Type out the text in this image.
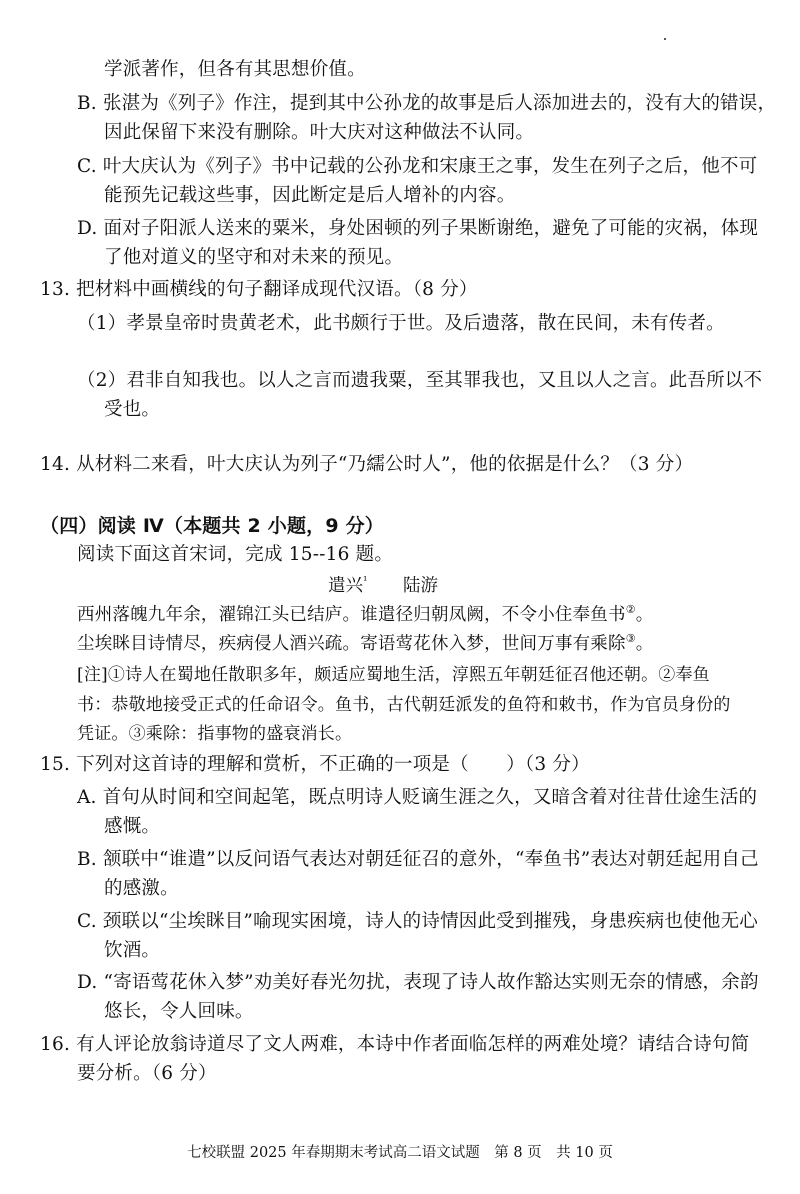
学派著作，但各有其思想价值。
B. 张湛为《列子》作注，提到其中公孙龙的故事是后人添加进去的，没有大的错误，
因此保留下来没有删除。叶大庆对这种做法不认同。
C. 叶大庆认为《列子》书中记载的公孙龙和宋康王之事，发生在列子之后，他不可
能预先记载这些事，因此断定是后人增补的内容。
D. 面对子阳派人送来的粟米，身处困顿的列子果断谢绝，避免了可能的灾祸，体现
了他对道义的坚守和对未来的预见。
13. 把材料中画横线的句子翻译成现代汉语。（8 分）
（1）孝景皇帝时贵黄老术，此书颇行于世。及后遗落，散在民间，未有传者。
（2）君非自知我也。以人之言而遗我粟，至其罪我也，又且以人之言。此吾所以不
受也。
14. 从材料二来看，叶大庆认为列子“乃繻公时人”，他的依据是什么？（3 分）
（四）阅读 Ⅳ（本题共 2 小题，9 分）
阅读下面这首宋词，完成 15--16 题。
遣兴$^{^1}$ 陆游
西州落魄九年余，濯锦江头已结庐。谁遣径归朝凤阙，不令小住奉鱼书②。
尘埃眯目诗情尽，疾病侵人酒兴疏。寄语莺花休入梦，世间万事有乘除③。
[注]①诗人在蜀地任散职多年，颇适应蜀地生活，淳熙五年朝廷征召他还朝。②奉鱼
书：恭敬地接受正式的任命诏令。鱼书，古代朝廷派发的鱼符和敕书，作为官员身份的
凭证。③乘除：指事物的盛衰消长。
15. 下列对这首诗的理解和赏析，不正确的一项是（　　）（3 分）
A. 首句从时间和空间起笔，既点明诗人贬谪生涯之久，又暗含着对往昔仕途生活的
感慨。
B. 颔联中“谁遣”以反问语气表达对朝廷征召的意外，“奉鱼书”表达对朝廷起用自己
的感激。
C. 颈联以“尘埃眯目”喻现实困境，诗人的诗情因此受到摧残，身患疾病也使他无心
饮酒。
D. “寄语莺花休入梦”劝美好春光勿扰，表现了诗人故作豁达实则无奈的情感，余韵
悠长，令人回味。
16. 有人评论放翁诗道尽了文人两难，本诗中作者面临怎样的两难处境？请结合诗句简
要分析。（6 分）
七校联盟 2025 年春期期末考试高二语文试题　第 8 页　共 10 页
